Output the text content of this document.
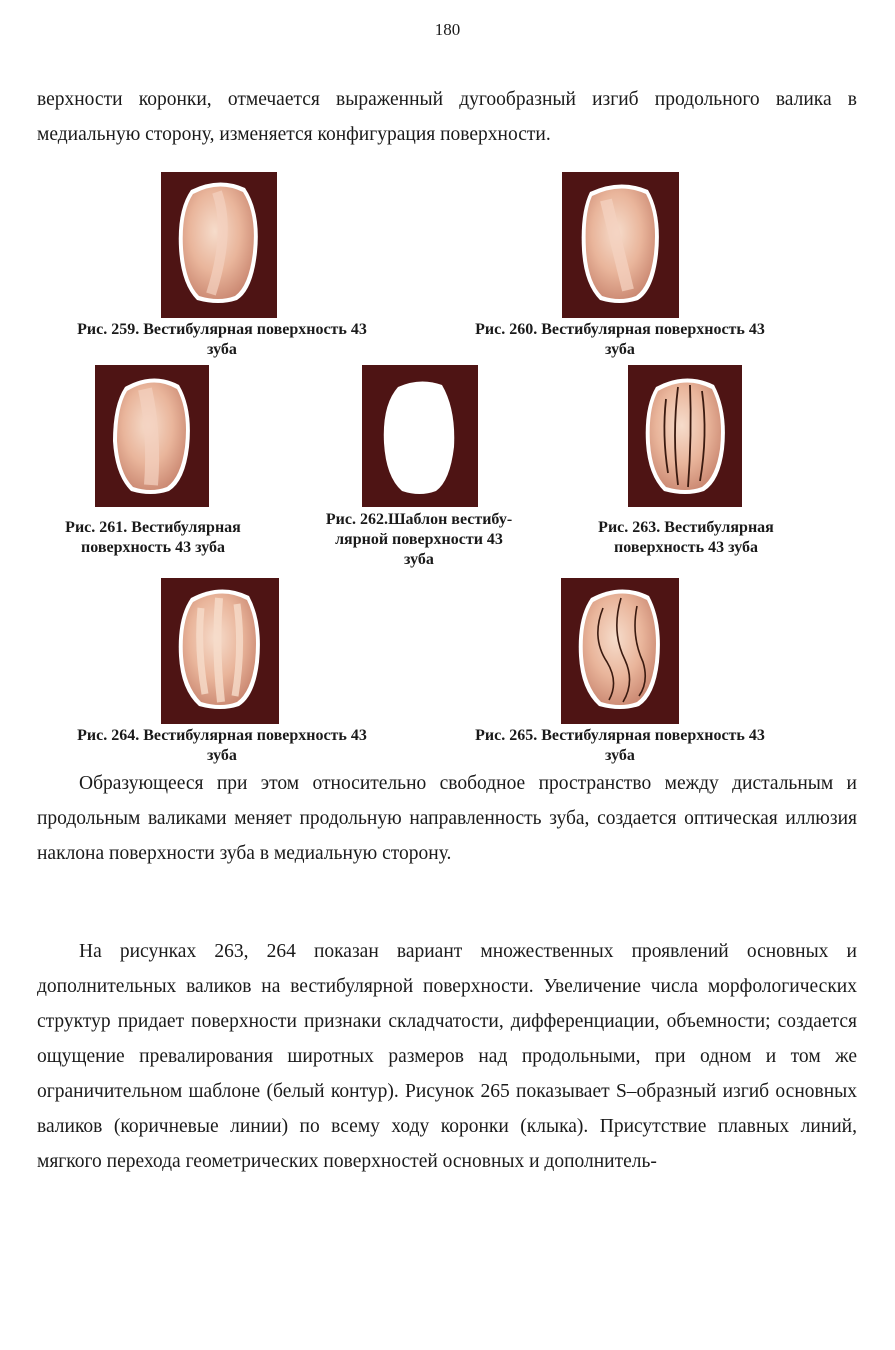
180

верхности коронки, отмечается выраженный дугообразный изгиб продольного валика в медиальную сторону, изменяется конфигурация поверхности.

Рис. 259. Вестибулярная поверхность 43
зуба
Рис. 260. Вестибулярная поверхность 43
зуба
Рис. 261. Вестибулярная
поверхность 43 зуба
Рис. 262.Шаблон вестибу-
лярной поверхности 43
зуба
Рис. 263. Вестибулярная
поверхность 43 зуба
Рис. 264. Вестибулярная поверхность 43
зуба
Рис. 265. Вестибулярная поверхность 43
зуба

Образующееся при этом относительно свободное пространство между дистальным и продольным валиками меняет продольную направленность зуба, создается оптическая иллюзия наклона поверхности зуба в медиальную сторону.

На рисунках 263, 264 показан вариант множественных проявлений основных и дополнительных валиков на вестибулярной поверхности. Увеличение числа морфологических структур придает поверхности признаки складчатости, дифференциации, объемности; создается ощущение превалирования широтных размеров над продольными, при одном и том же ограничительном шаблоне (белый контур). Рисунок 265 показывает S–образный изгиб основных валиков (коричневые линии) по всему ходу коронки (клыка). Присутствие плавных линий, мягкого перехода геометрических поверхностей основных и дополнитель-
